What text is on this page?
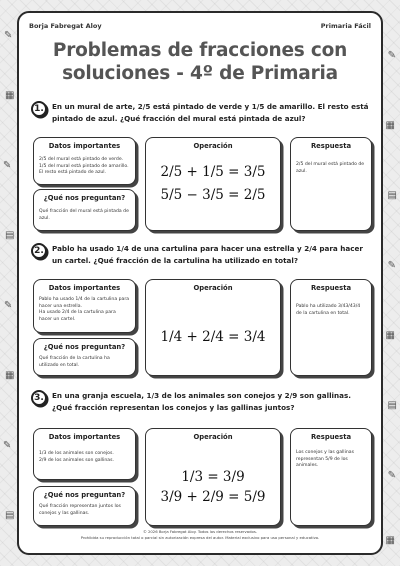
✎
▦
✎
▤
✎
▦
✎
▤
✎
▦
▤
✎
▦
▤
✎
▦
Borja Fabregat Aloy	Primaria Fácil
Problemas de fracciones con
soluciones - 4º de Primaria
1.	En un mural de arte, 2/5 está pintado de verde y 1/5 de amarillo. El resto está pintado de azul. ¿Qué fracción del mural está pintada de azul?
Datos importantes
2/5 del mural está pintado de verde.
1/5 del mural está pintado de amarillo.
El resto está pintado de azul.
¿Qué nos preguntan?
Qué fracción del mural está pintada de azul.
Operación
2/5 + 1/5 = 3/5
5/5 − 3/5 = 2/5
Respuesta
2/5 del mural está pintado de azul.
2.	Pablo ha usado 1/4 de una cartulina para hacer una estrella y 2/4 para hacer un cartel. ¿Qué fracción de la cartulina ha utilizado en total?
Datos importantes
Pablo ha usado 1/4 de la cartulina para hacer una estrella.
Ha usado 2/4 de la cartulina para hacer un cartel.
¿Qué nos preguntan?
Qué fracción de la cartulina ha utilizado en total.
Operación
1/4 + 2/4 = 3/4
Respuesta
Pablo ha utilizado 3/43/43/4 de la cartulina en total.
3.	En una granja escuela, 1/3 de los animales son conejos y 2/9 son gallinas. ¿Qué fracción representan los conejos y las gallinas juntos?
Datos importantes
1/3 de los animales son conejos.
2/9 de los animales son gallinas.
¿Qué nos preguntan?
Qué fracción representan juntos los conejos y las gallinas.
Operación
1/3 = 3/9
3/9 + 2/9 = 5/9
Respuesta
Los conejos y las gallinas representan 5/9 de los animales.
© 2026 Borja Fabregat Aloy. Todos los derechos reservados.
Prohibida su reproducción total o parcial sin autorización expresa del autor. Material exclusivo para uso personal y educativo.
